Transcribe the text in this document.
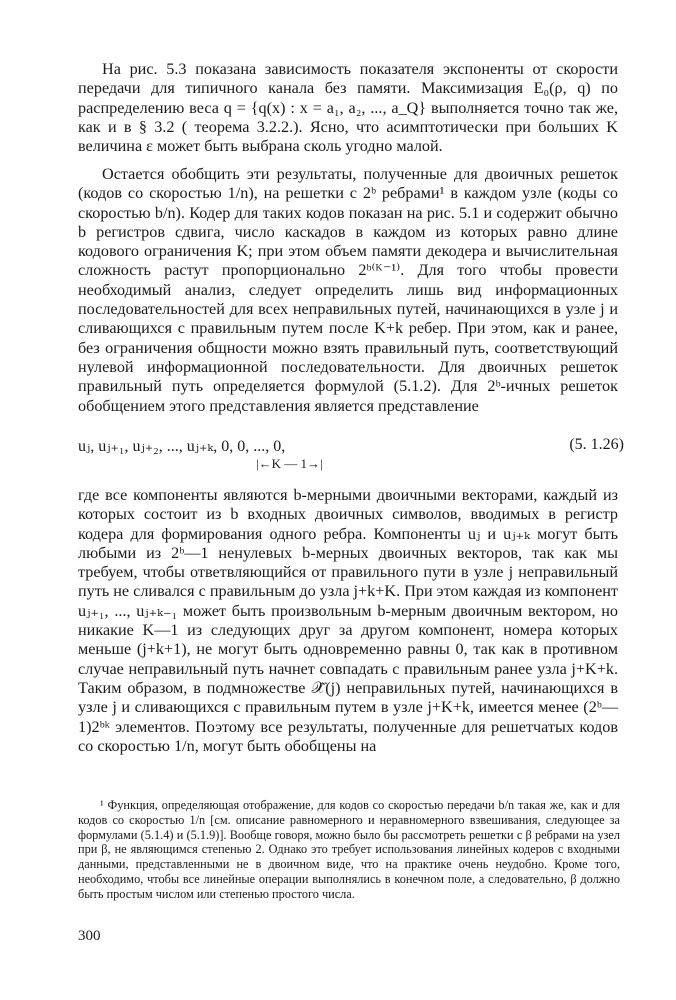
На рис. 5.3 показана зависимость показателя экспоненты от скорости передачи для типичного канала без памяти. Максимизация E₀(ρ, q) по распределению веса q = {q(x) : x = a₁, a₂, ..., a_Q} выполняется точно так же, как и в § 3.2 ( теорема 3.2.2.). Ясно, что асимптотически при больших K величина ε может быть выбрана сколь угодно малой.

Остается обобщить эти результаты, полученные для двоичных решеток (кодов со скоростью 1/n), на решетки с 2ᵇ ребрами¹ в каждом узле (коды со скоростью b/n). Кодер для таких кодов показан на рис. 5.1 и содержит обычно b регистров сдвига, число каскадов в каждом из которых равно длине кодового ограничения K; при этом объем памяти декодера и вычислительная сложность растут пропорционально 2ᵇ⁽ᴷ⁻¹⁾. Для того чтобы провести необходимый анализ, следует определить лишь вид информационных последовательностей для всех неправильных путей, начинающихся в узле j и сливающихся с правильным путем после K+k ребер. При этом, как и ранее, без ограничения общности можно взять правильный путь, соответствующий нулевой информационной последовательности. Для двоичных решеток правильный путь определяется формулой (5.1.2). Для 2ᵇ-ичных решеток обобщением этого представления является представление

uⱼ, uⱼ₊₁, uⱼ₊₂, ..., uⱼ₊ₖ, 0, 0, ..., 0,
|←K — 1→|
(5. 1.26)

где все компоненты являются b-мерными двоичными векторами, каждый из которых состоит из b входных двоичных символов, вводимых в регистр кодера для формирования одного ребра. Компоненты uⱼ и uⱼ₊ₖ могут быть любыми из 2ᵇ—1 ненулевых b-мерных двоичных векторов, так как мы требуем, чтобы ответвляющийся от правильного пути в узле j неправильный путь не сливался с правильным до узла j+k+K. При этом каждая из компонент uⱼ₊₁, ..., uⱼ₊ₖ₋₁ может быть произвольным b-мерным двоичным вектором, но никакие K—1 из следующих друг за другом компонент, номера которых меньше (j+k+1), не могут быть одновременно равны 0, так как в противном случае неправильный путь начнет совпадать с правильным ранее узла j+K+k. Таким образом, в подмножестве 𝒳̂(j) неправильных путей, начинающихся в узле j и сливающихся с правильным путем в узле j+K+k, имеется менее (2ᵇ—1)2ᵇᵏ элементов. Поэтому все результаты, полученные для решетчатых кодов со скоростью 1/n, могут быть обобщены на

¹ Функция, определяющая отображение, для кодов со скоростью передачи b/n такая же, как и для кодов со скоростью 1/n [см. описание равномерного и неравномерного взвешивания, следующее за формулами (5.1.4) и (5.1.9)]. Вообще говоря, можно было бы рассмотреть решетки с β ребрами на узел при β, не являющимся степенью 2. Однако это требует использования линейных кодеров с входными данными, представленными не в двоичном виде, что на практике очень неудобно. Кроме того, необходимо, чтобы все линейные операции выполнялись в конечном поле, а следовательно, β должно быть простым числом или степенью простого числа.

300
